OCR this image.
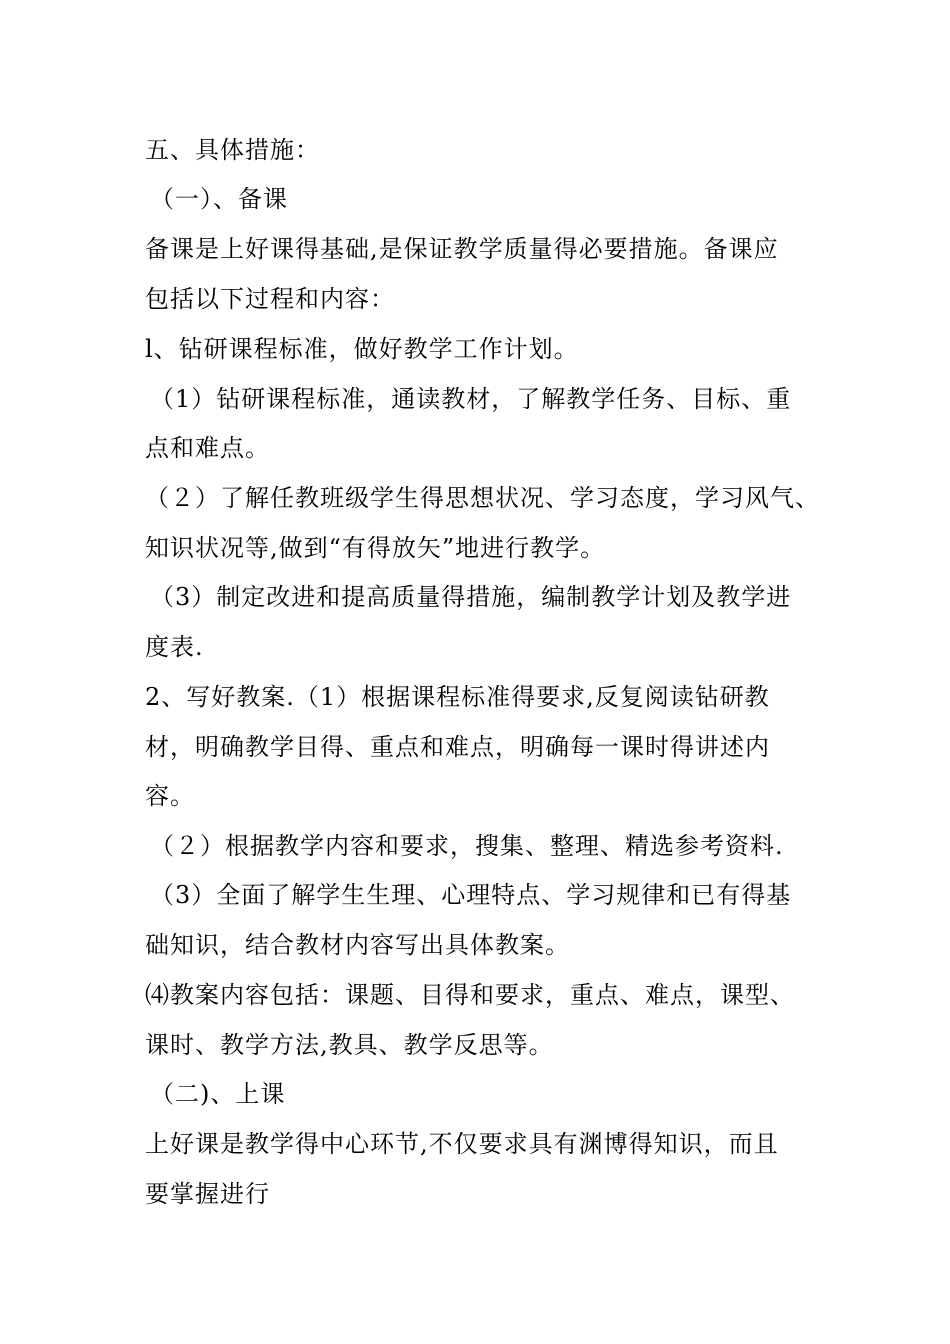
五、具体措施：
（一）、备课
备课是上好课得基础,是保证教学质量得必要措施。备课应
包括以下过程和内容：
l、钻研课程标准，做好教学工作计划。
（1）钻研课程标准，通读教材，了解教学任务、目标、重
点和难点。
（２）了解任教班级学生得思想状况、学习态度，学习风气、
知识状况等,做到“有得放矢”地进行教学。
（3）制定改进和提高质量得措施，编制教学计划及教学进
度表.
2、写好教案.（1）根据课程标准得要求,反复阅读钻研教
材，明确教学目得、重点和难点，明确每一课时得讲述内
容。
（２）根据教学内容和要求，搜集、整理、精选参考资料.
（3）全面了解学生生理、心理特点、学习规律和已有得基
础知识，结合教材内容写出具体教案。
⑷教案内容包括：课题、目得和要求，重点、难点，课型、
课时、教学方法,教具、教学反思等。
（二)、上课
上好课是教学得中心环节,不仅要求具有渊博得知识，而且
要掌握进行
